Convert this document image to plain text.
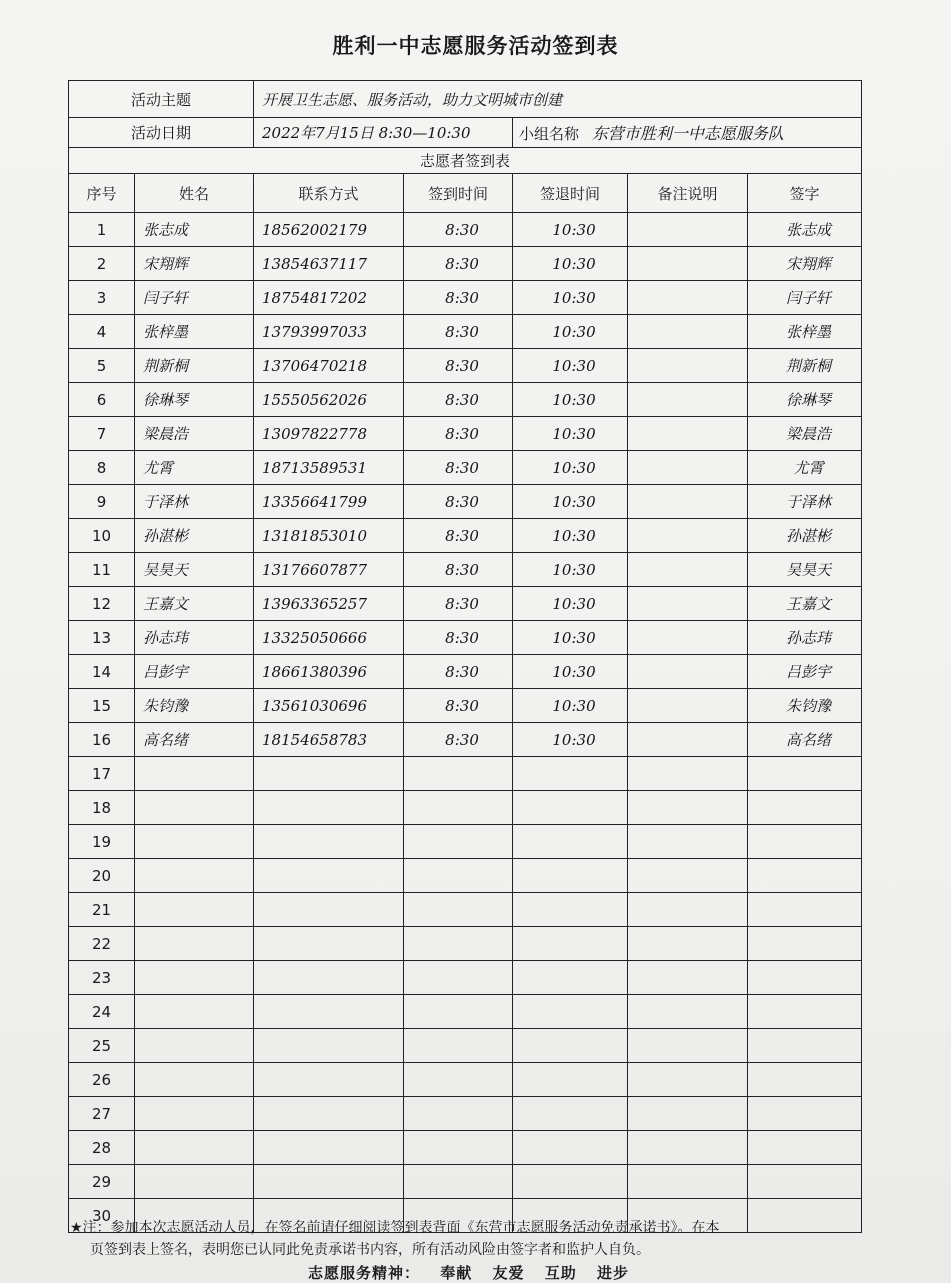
胜利一中志愿服务活动签到表
活动主题		开展卫生志愿、服务活动，助力文明城市创建				
活动日期		2022年7月15日 8:30—10:30		小组名称 东营市胜利一中志愿服务队		
志愿者签到表						
序号	姓名	联系方式	签到时间	签退时间	备注说明	签字
1	张志成	18562002179	8:30	10:30		张志成
2	宋翔辉	13854637117	8:30	10:30		宋翔辉
3	闫子轩	18754817202	8:30	10:30		闫子轩
4	张梓墨	13793997033	8:30	10:30		张梓墨
5	荆新桐	13706470218	8:30	10:30		荆新桐
6	徐琳琴	15550562026	8:30	10:30		徐琳琴
7	梁晨浩	13097822778	8:30	10:30		梁晨浩
8	尤霄	18713589531	8:30	10:30		尤霄
9	于泽林	13356641799	8:30	10:30		于泽林
10	孙湛彬	13181853010	8:30	10:30		孙湛彬
11	吴昊天	13176607877	8:30	10:30		吴昊天
12	王嘉文	13963365257	8:30	10:30		王嘉文
13	孙志玮	13325050666	8:30	10:30		孙志玮
14	吕彭宇	18661380396	8:30	10:30		吕彭宇
15	朱钧豫	13561030696	8:30	10:30		朱钧豫
16	高名绪	18154658783	8:30	10:30		高名绪
17						
18						
19						
20						
21						
22						
23						
24						
25						
26						
27						
28						
29						
30						
★注：参加本次志愿活动人员，在签名前请仔细阅读签到表背面《东营市志愿服务活动免责承诺书》。在本
页签到表上签名，表明您已认同此免责承诺书内容，所有活动风险由签字者和监护人自负。
志愿服务精神： 奉献 友爱 互助 进步
